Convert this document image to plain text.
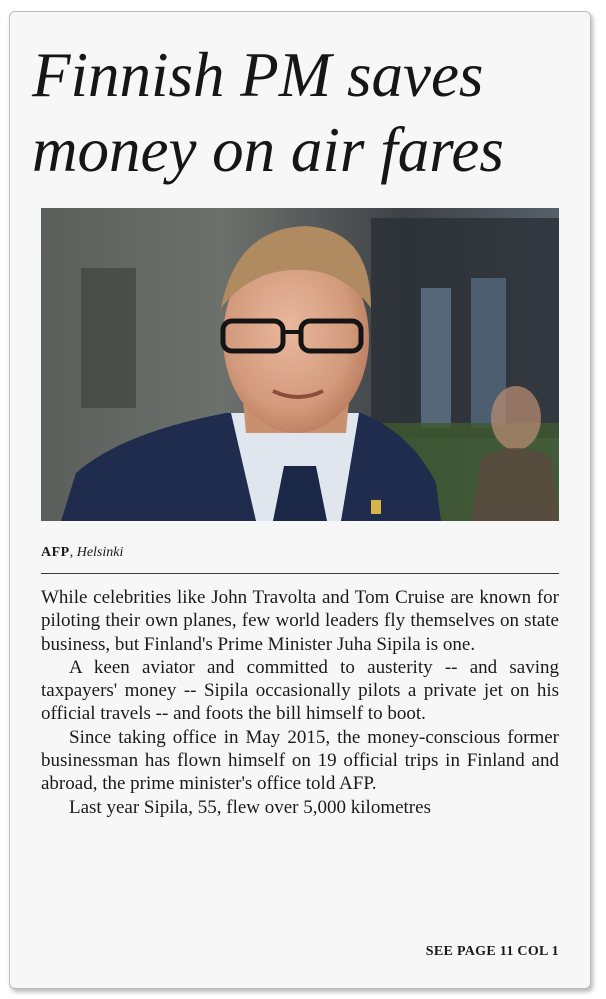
Finnish PM saves
money on air fares
AFP, Helsinki

While celebrities like John Travolta and Tom Cruise are known for piloting their own planes, few world leaders fly themselves on state business, but Finland's Prime Minister Juha Sipila is one.

A keen aviator and committed to austerity -- and saving taxpayers' money -- Sipila occasionally pilots a private jet on his official travels -- and foots the bill himself to boot.

Since taking office in May 2015, the money-conscious former businessman has flown himself on 19 official trips in Finland and abroad, the prime minister's office told AFP.

Last year Sipila, 55, flew over 5,000 kilometres

SEE PAGE 11 COL 1
